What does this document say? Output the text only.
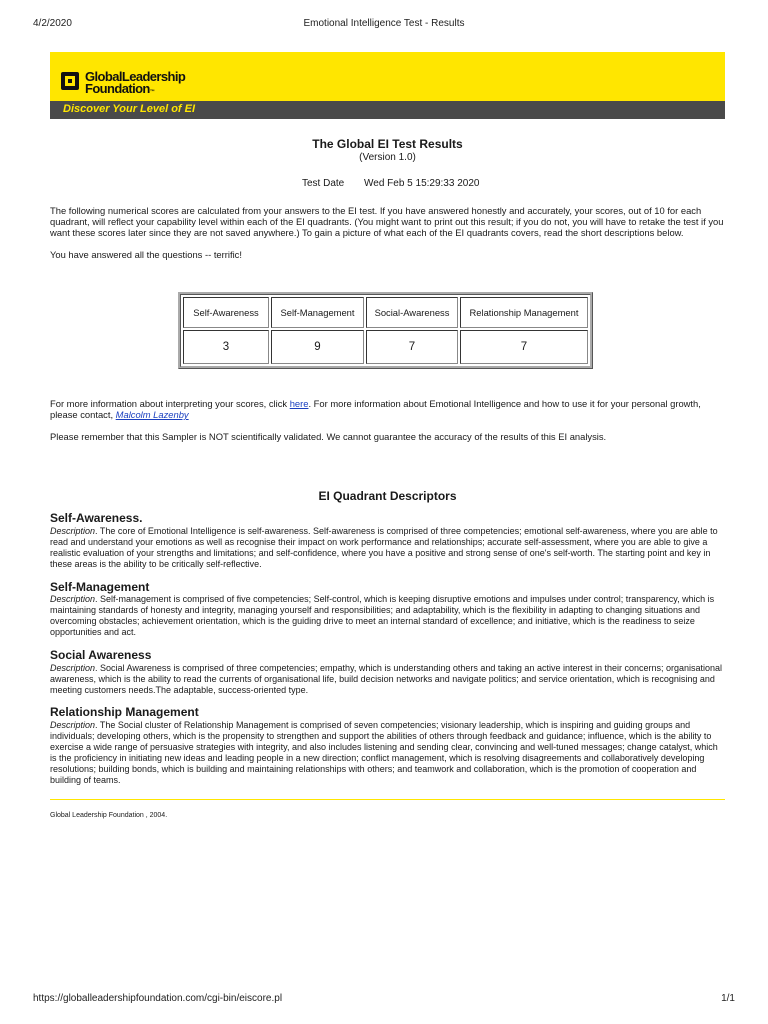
4/2/2020	Emotional Intelligence Test - Results
GlobalLeadership
Foundation™
Discover Your Level of EI
The Global EI Test Results
(Version 1.0)
Test Date Wed Feb 5 15:29:33 2020

The following numerical scores are calculated from your answers to the EI test. If you have answered honestly and accurately, your scores, out of 10 for each quadrant, will reflect your capability level within each of the EI quadrants. (You might want to print out this result; if you do not, you will have to retake the test if you want these scores later since they are not saved anywhere.) To gain a picture of what each of the EI quadrants covers, read the short descriptions below.

You have answered all the questions -- terrific!

Self-Awareness	Self-Management	Social-Awareness	Relationship Management
3	9	7	7

For more information about interpreting your scores, click here. For more information about Emotional Intelligence and how to use it for your personal growth, please contact, Malcolm Lazenby

Please remember that this Sampler is NOT scientifically validated. We cannot guarantee the accuracy of the results of this EI analysis.

EI Quadrant Descriptors
Self-Awareness.

Description. The core of Emotional Intelligence is self-awareness. Self-awareness is comprised of three competencies; emotional self-awareness, where you are able to read and understand your emotions as well as recognise their impact on work performance and relationships; accurate self-assessment, where you are able to give a realistic evaluation of your strengths and limitations; and self-confidence, where you have a positive and strong sense of one's self-worth. The starting point and key in these areas is the ability to be critically self-reflective.

Self-Management

Description. Self-management is comprised of five competencies; Self-control, which is keeping disruptive emotions and impulses under control; transparency, which is maintaining standards of honesty and integrity, managing yourself and responsibilities; and adaptability, which is the flexibility in adapting to changing situations and overcoming obstacles; achievement orientation, which is the guiding drive to meet an internal standard of excellence; and initiative, which is the readiness to seize opportunities and act.

Social Awareness

Description. Social Awareness is comprised of three competencies; empathy, which is understanding others and taking an active interest in their concerns; organisational awareness, which is the ability to read the currents of organisational life, build decision networks and navigate politics; and service orientation, which is recognising and meeting customers needs.The adaptable, success-oriented type.

Relationship Management

Description. The Social cluster of Relationship Management is comprised of seven competencies; visionary leadership, which is inspiring and guiding groups and individuals; developing others, which is the propensity to strengthen and support the abilities of others through feedback and guidance; influence, which is the ability to exercise a wide range of persuasive strategies with integrity, and also includes listening and sending clear, convincing and well-tuned messages; change catalyst, which is the proficiency in initiating new ideas and leading people in a new direction; conflict management, which is resolving disagreements and collaboratively developing resolutions; building bonds, which is building and maintaining relationships with others; and teamwork and collaboration, which is the promotion of cooperation and building of teams.

Global Leadership Foundation , 2004.
https://globalleadershipfoundation.com/cgi-bin/eiscore.pl	1/1
